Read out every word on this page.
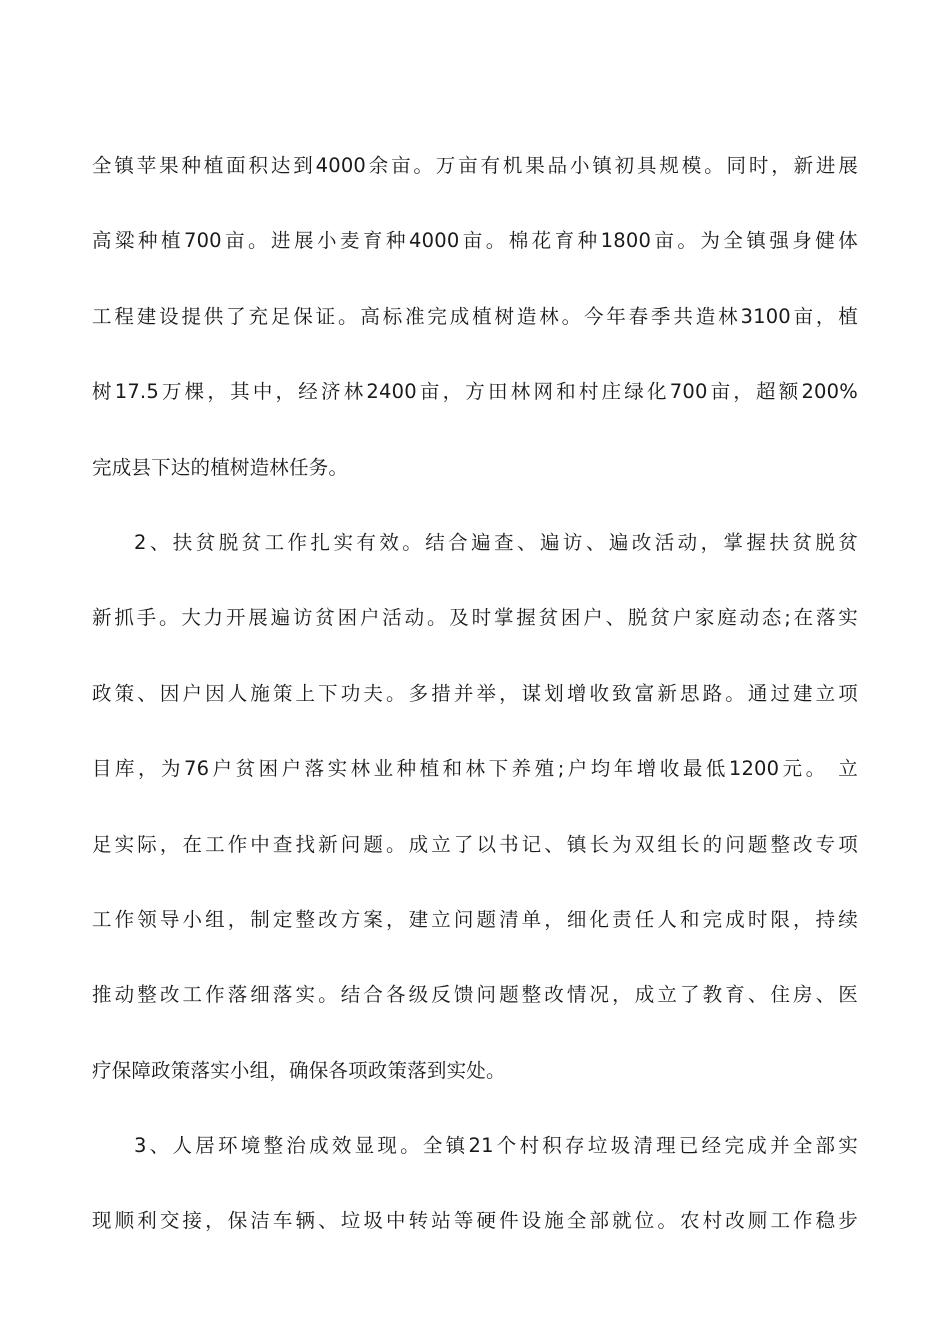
全镇苹果种植面积达到4000余亩。万亩有机果品小镇初具规模。同时，新进展
高粱种植700亩。进展小麦育种4000亩。棉花育种1800亩。为全镇强身健体
工程建设提供了充足保证。高标准完成植树造林。今年春季共造林3100亩，植
树17.5万棵，其中，经济林2400亩，方田林网和村庄绿化700亩，超额200%
完成县下达的植树造林任务。
2、扶贫脱贫工作扎实有效。结合遍查、遍访、遍改活动，掌握扶贫脱贫
新抓手。大力开展遍访贫困户活动。及时掌握贫困户、脱贫户家庭动态;在落实
政策、因户因人施策上下功夫。多措并举，谋划增收致富新思路。通过建立项
目库，为76户贫困户落实林业种植和林下养殖;户均年增收最低1200元。 立
足实际，在工作中查找新问题。成立了以书记、镇长为双组长的问题整改专项
工作领导小组，制定整改方案，建立问题清单，细化责任人和完成时限，持续
推动整改工作落细落实。结合各级反馈问题整改情况，成立了教育、住房、医
疗保障政策落实小组，确保各项政策落到实处。
3、人居环境整治成效显现。全镇21个村积存垃圾清理已经完成并全部实
现顺利交接，保洁车辆、垃圾中转站等硬件设施全部就位。农村改厕工作稳步
